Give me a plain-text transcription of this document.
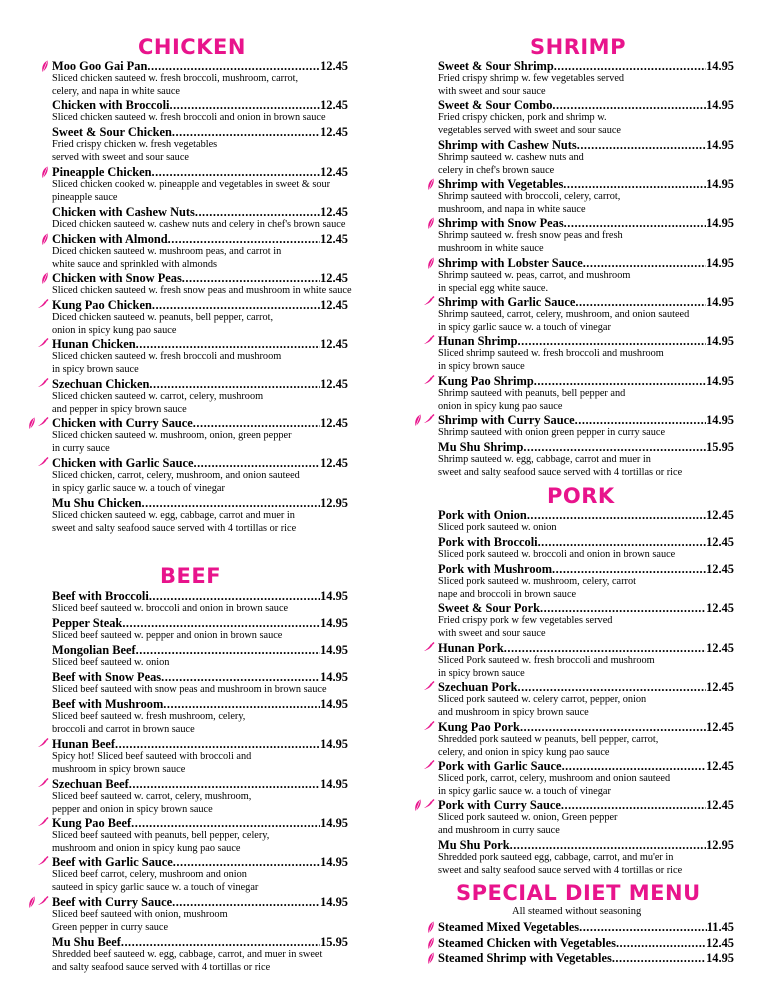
CHICKEN
Moo Goo Gai Pan .....	12.45
Sliced chicken sauteed w. fresh broccoli, mushroom, carrot,
celery, and napa in white sauce
Chicken with Broccoli .....	12.45
Sliced chicken sauteed w. fresh broccoli and onion in brown sauce
Sweet & Sour Chicken .....	12.45
Fried crispy chicken w. fresh vegetables
served with sweet and sour sauce
Pineapple Chicken .....	12.45
Sliced chicken cooked w. pineapple and vegetables in sweet & sour
pineapple sauce
Chicken with Cashew Nuts .....	12.45
Diced chicken sauteed w. cashew nuts and celery in chef's brown sauce
Chicken with Almond .....	12.45
Diced chicken sauteed w. mushroom peas, and carrot in
white sauce and sprinkled with almonds
Chicken with Snow Peas .....	12.45
Sliced chicken sauteed w. fresh snow peas and mushroom in white sauce
Kung Pao Chicken .....	12.45
Diced chicken sauteed w. peanuts, bell pepper, carrot,
onion in spicy kung pao sauce
Hunan Chicken .....	12.45
Sliced chicken sauteed w. fresh broccoli and mushroom
in spicy brown sauce
Szechuan Chicken .....	12.45
Sliced chicken sauteed w. carrot, celery, mushroom
and pepper in spicy brown sauce
Chicken with Curry Sauce .....	12.45
Sliced chicken sauteed w. mushroom, onion, green pepper
in curry sauce
Chicken with Garlic Sauce .....	12.45
Sliced chicken, carrot, celery, mushroom, and onion sauteed
in spicy garlic sauce w. a touch of vinegar
Mu Shu Chicken .....	12.95
Sliced chicken sauteed w. egg, cabbage, carrot and muer in
sweet and salty seafood sauce served with 4 tortillas or rice
BEEF
Beef with Broccoli .....	14.95
Sliced beef sauteed w. broccoli and onion in brown sauce
Pepper Steak .....	14.95
Sliced beef sauteed w. pepper and onion in brown sauce
Mongolian Beef .....	14.95
Sliced beef sauteed w. onion
Beef with Snow Peas .....	14.95
Sliced beef sauteed with snow peas and mushroom in brown sauce
Beef with Mushroom .....	14.95
Sliced beef sauteed w. fresh mushroom, celery,
broccoli and carrot in brown sauce
Hunan Beef .....	14.95
Spicy hot! Sliced beef sauteed with broccoli and
mushroom in spicy brown sauce
Szechuan Beef .....	14.95
Sliced beef sauteed w. carrot, celery, mushroom,
pepper and onion in spicy brown sauce
Kung Pao Beef .....	14.95
Sliced beef sauteed with peanuts, bell pepper, celery,
mushroom and onion in spicy kung pao sauce
Beef with Garlic Sauce .....	14.95
Sliced beef carrot, celery, mushroom and onion
sauteed in spicy garlic sauce w. a touch of vinegar
Beef with Curry Sauce .....	14.95
Sliced beef sauteed with onion, mushroom
Green pepper in curry sauce
Mu Shu Beef .....	15.95
Shredded beef sauteed w. egg, cabbage, carrot, and muer in sweet
and salty seafood sauce served with 4 tortillas or rice
SHRIMP
Sweet & Sour Shrimp .....	14.95
Fried crispy shrimp w. few vegetables served
with sweet and sour sauce
Sweet & Sour Combo .....	14.95
Fried crispy chicken, pork and shrimp w.
vegetables served with sweet and sour sauce
Shrimp with Cashew Nuts .....	14.95
Shrimp sauteed w. cashew nuts and
celery in chef's brown sauce
Shrimp with Vegetables .....	14.95
Shrimp sauteed with broccoli, celery, carrot,
mushroom, and napa in white sauce
Shrimp with Snow Peas .....	14.95
Shrimp sauteed w. fresh snow peas and fresh
mushroom in white sauce
Shrimp with Lobster Sauce .....	14.95
Shrimp sauteed w. peas, carrot, and mushroom
in special egg white sauce.
Shrimp with Garlic Sauce .....	14.95
Shrimp sauteed, carrot, celery, mushroom, and onion sauteed
in spicy garlic sauce w. a touch of vinegar
Hunan Shrimp .....	14.95
Sliced shrimp sauteed w. fresh broccoli and mushroom
in spicy brown sauce
Kung Pao Shrimp .....	14.95
Shrimp sauteed with peanuts, bell pepper and
onion in spicy kung pao sauce
Shrimp with Curry Sauce .....	14.95
Shrimp sauteed with onion green pepper in curry sauce
Mu Shu Shrimp .....	15.95
Shrimp sauteed w. egg, cabbage, carrot and muer in
sweet and salty seafood sauce served with 4 tortillas or rice
PORK
Pork with Onion .....	12.45
Sliced pork sauteed w. onion
Pork with Broccoli .....	12.45
Sliced pork sauteed w. broccoli and onion in brown sauce
Pork with Mushroom .....	12.45
Sliced pork sauteed w. mushroom, celery, carrot
nape and broccoli in brown sauce
Sweet & Sour Pork .....	12.45
Fried crispy pork w few vegetables served
with sweet and sour sauce
Hunan Pork .....	12.45
Sliced Pork sauteed w. fresh broccoli and mushroom
in spicy brown sauce
Szechuan Pork .....	12.45
Sliced pork sauteed w. celery carrot, pepper, onion
and mushroom in spicy brown sauce
Kung Pao Pork .....	12.45
Shredded pork sauteed w peanuts, bell pepper, carrot,
celery, and onion in spicy kung pao sauce
Pork with Garlic Sauce .....	12.45
Sliced pork, carrot, celery, mushroom and onion sauteed
in spicy garlic sauce w. a touch of vinegar
Pork with Curry Sauce .....	12.45
Sliced pork sauteed w. onion, Green pepper
and mushroom in curry sauce
Mu Shu Pork .....	12.95
Shredded pork sauteed egg, cabbage, carrot, and mu'er in
sweet and salty seafood sauce served with 4 tortillas or rice
SPECIAL DIET MENU
All steamed without seasoning
Steamed Mixed Vegetables .....	11.45
Steamed Chicken with Vegetables .....	12.45
Steamed Shrimp with Vegetables .....	14.95
